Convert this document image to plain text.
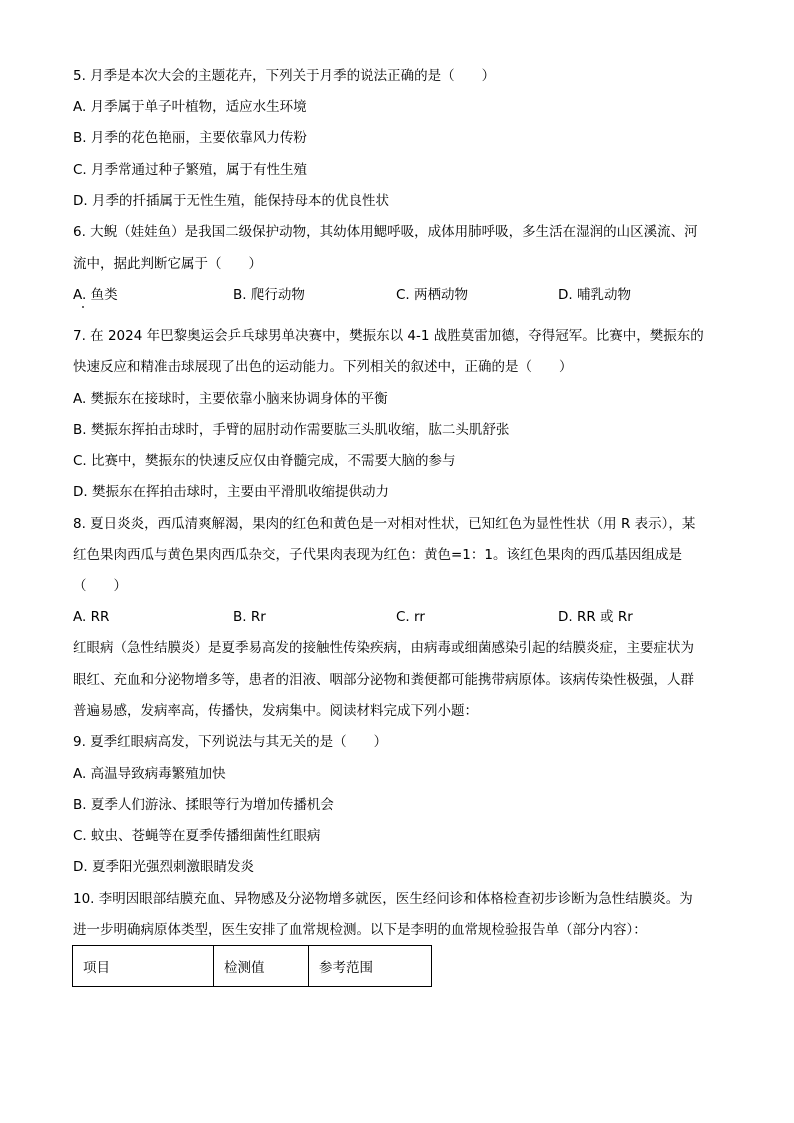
5. 月季是本次大会的主题花卉，下列关于月季的说法正确的是（　　）
A. 月季属于单子叶植物，适应水生环境
B. 月季的花色艳丽，主要依靠风力传粉
C. 月季常通过种子繁殖，属于有性生殖
D. 月季的扦插属于无性生殖，能保持母本的优良性状
6. 大鲵（娃娃鱼）是我国二级保护动物，其幼体用鳃呼吸，成体用肺呼吸，多生活在湿润的山区溪流、河
流中，据此判断它属于（　　）
A. 鱼类	B. 爬行动物	C. 两栖动物	D. 哺乳动物
7. 在 2024 年巴黎奥运会乒乓球男单决赛中，樊振东以 4-1 战胜莫雷加德，夺得冠军。比赛中，樊振东的
快速反应和精准击球展现了出色的运动能力。下列相关的叙述中，正确的是（　　）
A. 樊振东在接球时，主要依靠小脑来协调身体的平衡
B. 樊振东挥拍击球时，手臂的屈肘动作需要肱三头肌收缩，肱二头肌舒张
C. 比赛中，樊振东的快速反应仅由脊髓完成，不需要大脑的参与
D. 樊振东在挥拍击球时，主要由平滑肌收缩提供动力
8. 夏日炎炎，西瓜清爽解渴，果肉的红色和黄色是一对相对性状，已知红色为显性性状（用 R 表示），某
红色果肉西瓜与黄色果肉西瓜杂交，子代果肉表现为红色：黄色=1：1。该红色果肉的西瓜基因组成是
（　　）
A. RR	B. Rr	C. rr	D. RR 或 Rr
红眼病（急性结膜炎）是夏季易高发的接触性传染疾病，由病毒或细菌感染引起的结膜炎症，主要症状为
眼红、充血和分泌物增多等，患者的泪液、咽部分泌物和粪便都可能携带病原体。该病传染性极强，人群
普遍易感，发病率高，传播快，发病集中。阅读材料完成下列小题：
9. 夏季红眼病高发，下列说法与其无关的是（　　）
A. 高温导致病毒繁殖加快
B. 夏季人们游泳、揉眼等行为增加传播机会
C. 蚊虫、苍蝇等在夏季传播细菌性红眼病
D. 夏季阳光强烈刺激眼睛发炎
10. 李明因眼部结膜充血、异物感及分泌物增多就医，医生经问诊和体格检查初步诊断为急性结膜炎。为
进一步明确病原体类型，医生安排了血常规检测。以下是李明的血常规检验报告单（部分内容）：
项目	检测值	参考范围
